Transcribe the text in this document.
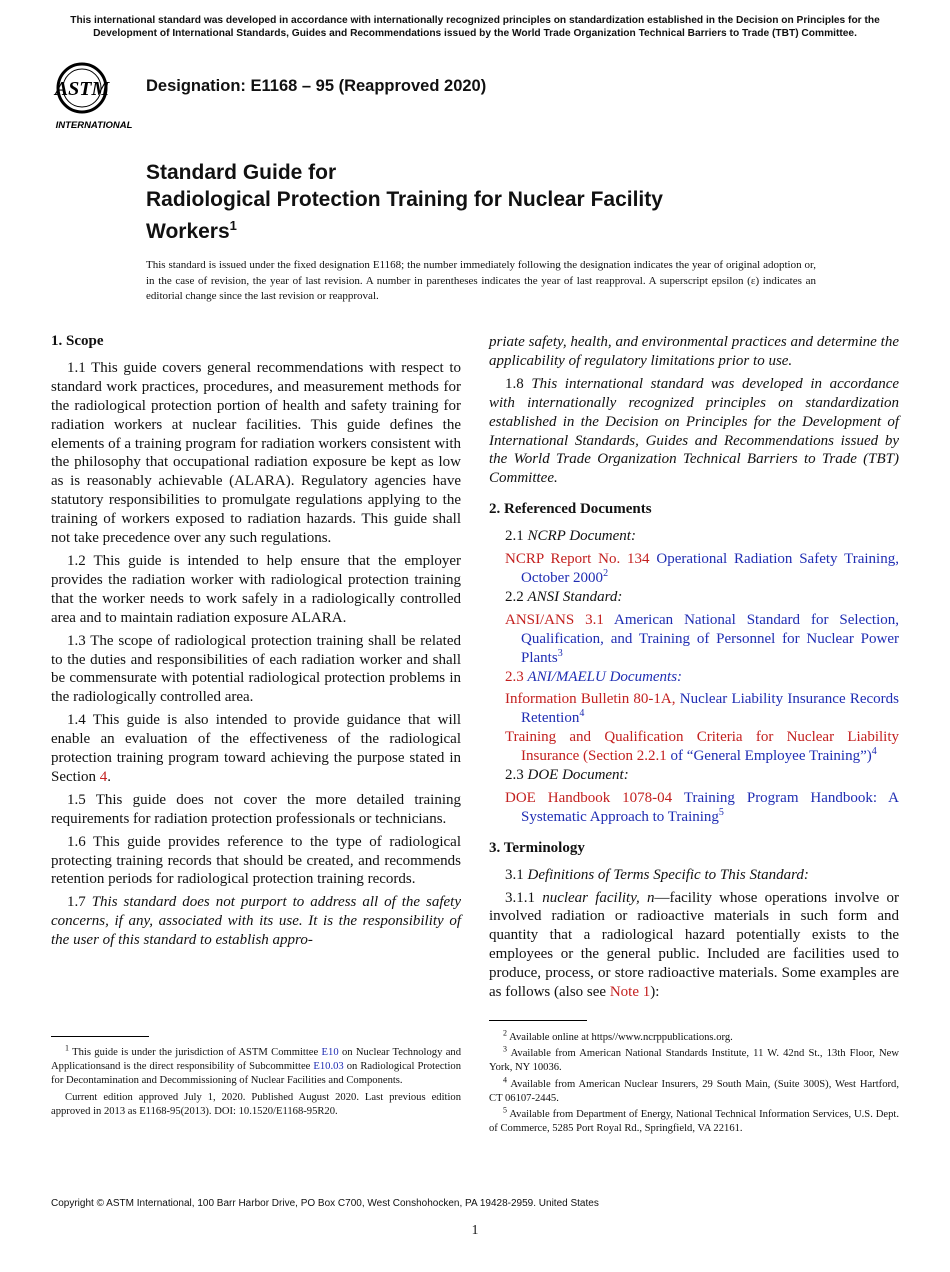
This international standard was developed in accordance with internationally recognized principles on standardization established in the Decision on Principles for the Development of International Standards, Guides and Recommendations issued by the World Trade Organization Technical Barriers to Trade (TBT) Committee.
ASTM
INTERNATIONAL
Designation: E1168 – 95 (Reapproved 2020)
Standard Guide for
Radiological Protection Training for Nuclear Facility
Workers$^1$
This standard is issued under the fixed designation E1168; the number immediately following the designation indicates the year of original adoption or, in the case of revision, the year of last revision. A number in parentheses indicates the year of last reapproval. A superscript epsilon (ε) indicates an editorial change since the last revision or reapproval.
1. Scope

1.1 This guide covers general recommendations with respect to standard work practices, procedures, and measurement methods for the radiological protection portion of health and safety training for radiation workers at nuclear facilities. This guide defines the elements of a training program for radiation workers consistent with the philosophy that occupational radiation exposure be kept as low as is reasonably achievable (ALARA). Regulatory agencies have statutory responsibilities to promulgate regulations applying to the training of workers exposed to radiation hazards. This guide shall not take precedence over any such regulations.

1.2 This guide is intended to help ensure that the employer provides the radiation worker with radiological protection training that the worker needs to work safely in a radiologically controlled area and to maintain radiation exposure ALARA.

1.3 The scope of radiological protection training shall be related to the duties and responsibilities of each radiation worker and shall be commensurate with potential radiological protection problems in the radiologically controlled area.

1.4 This guide is also intended to provide guidance that will enable an evaluation of the effectiveness of the radiological protection training program toward achieving the purpose stated in Section 4.

1.5 This guide does not cover the more detailed training requirements for radiation protection professionals or technicians.

1.6 This guide provides reference to the type of radiological protecting training records that should be created, and recommends retention periods for radiological protection training records.

1.7 This standard does not purport to address all of the safety concerns, if any, associated with its use. It is the responsibility of the user of this standard to establish appro-

priate safety, health, and environmental practices and determine the applicability of regulatory limitations prior to use.

1.8 This international standard was developed in accordance with internationally recognized principles on standardization established in the Decision on Principles for the Development of International Standards, Guides and Recommendations issued by the World Trade Organization Technical Barriers to Trade (TBT) Committee.

2. Referenced Documents

2.1 NCRP Document:

NCRP Report No. 134 Operational Radiation Safety Training, October 2000$^2$

2.2 ANSI Standard:

ANSI/ANS 3.1 American National Standard for Selection, Qualification, and Training of Personnel for Nuclear Power Plants$^3$

2.3 ANI/MAELU Documents:

Information Bulletin 80-1A, Nuclear Liability Insurance Records Retention$^4$

Training and Qualification Criteria for Nuclear Liability Insurance (Section 2.2.1 of “General Employee Training”)$^4$

2.3 DOE Document:

DOE Handbook 1078-04 Training Program Handbook: A Systematic Approach to Training$^5$

3. Terminology

3.1 Definitions of Terms Specific to This Standard:

3.1.1 nuclear facility, n—facility whose operations involve or involved radiation or radioactive materials in such form and quantity that a radiological hazard potentially exists to the employees or the general public. Included are facilities used to produce, process, or store radioactive materials. Some examples are as follows (also see Note 1):

$^1$ This guide is under the jurisdiction of ASTM Committee E10 on Nuclear Technology and Applicationsand is the direct responsibility of Subcommittee E10.03 on Radiological Protection for Decontamination and Decommissioning of Nuclear Facilities and Components.

Current edition approved July 1, 2020. Published August 2020. Last previous edition approved in 2013 as E1168-95(2013). DOI: 10.1520/E1168-95R20.

$^2$ Available online at https//www.ncrppublications.org.

$^3$ Available from American National Standards Institute, 11 W. 42nd St., 13th Floor, New York, NY 10036.

$^4$ Available from American Nuclear Insurers, 29 South Main, (Suite 300S), West Hartford, CT 06107-2445.

$^5$ Available from Department of Energy, National Technical Information Services, U.S. Dept. of Commerce, 5285 Port Royal Rd., Springfield, VA 22161.

Copyright © ASTM International, 100 Barr Harbor Drive, PO Box C700, West Conshohocken, PA 19428-2959. United States
1
